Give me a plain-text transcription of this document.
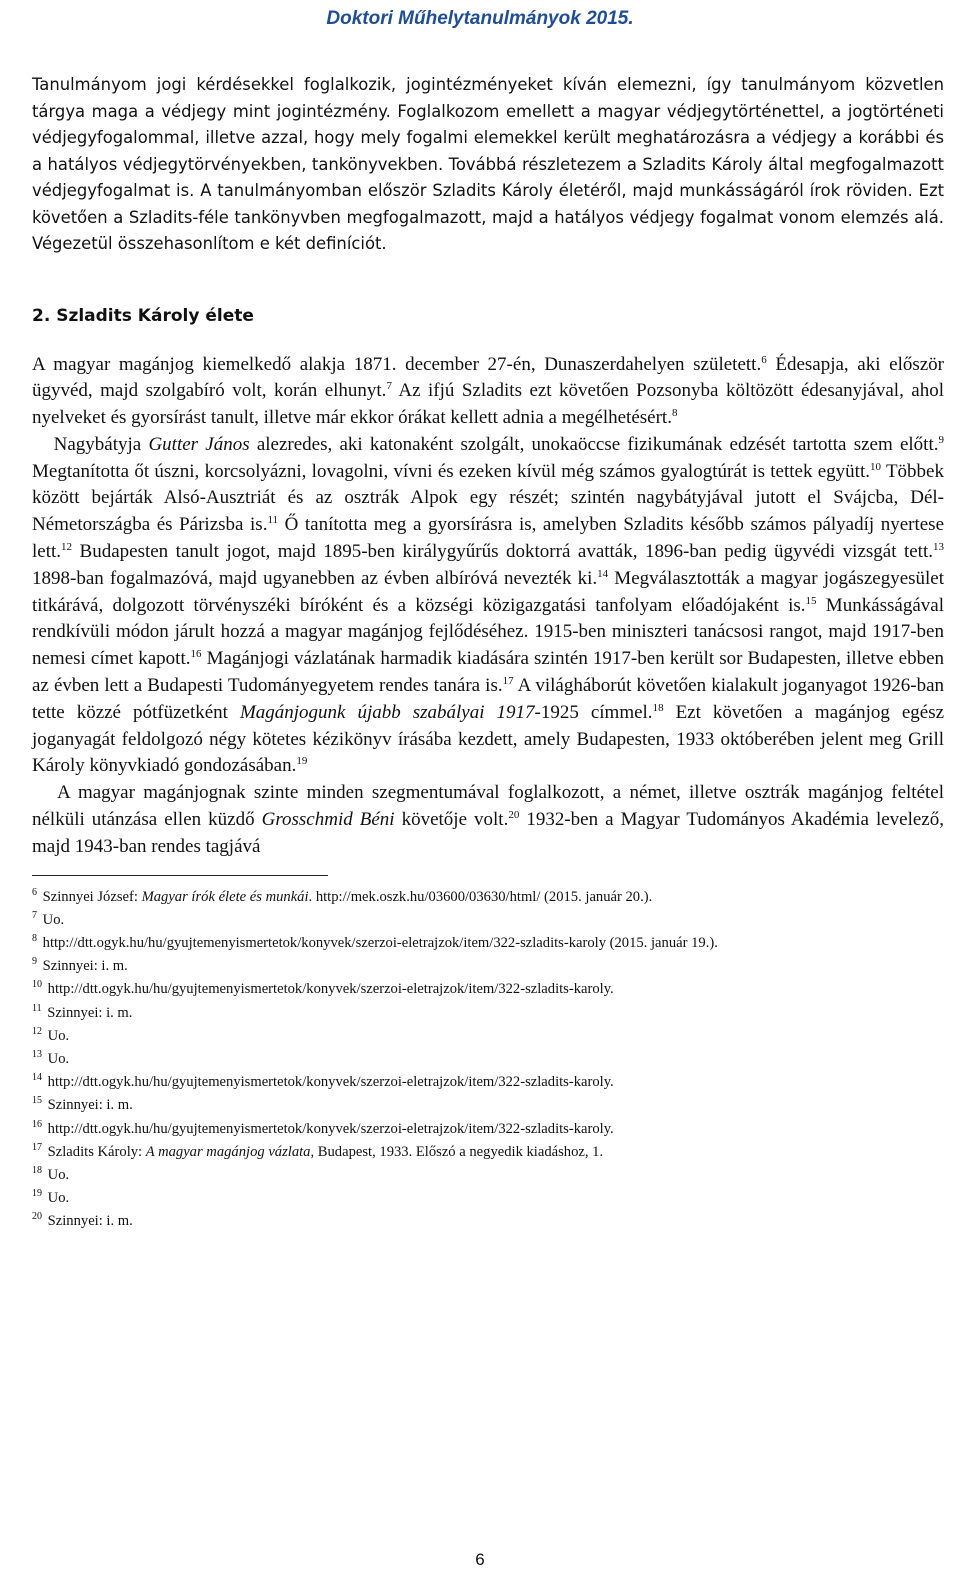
Doktori Műhelytanulmányok 2015.

Tanulmányom jogi kérdésekkel foglalkozik, jogintézményeket kíván elemezni, így tanulmányom közvetlen tárgya maga a védjegy mint jogintézmény. Foglalkozom emellett a magyar védjegytörténettel, a jogtörténeti védjegyfogalommal, illetve azzal, hogy mely fogalmi elemekkel került meghatározásra a védjegy a korábbi és a hatályos védjegytörvényekben, tankönyvekben. Továbbá részletezem a Szladits Károly által megfogalmazott védjegyfogalmat is. A tanulmányomban először Szladits Károly életéről, majd munkásságáról írok röviden. Ezt követően a Szladits-féle tankönyvben megfogalmazott, majd a hatályos védjegy fogalmat vonom elemzés alá. Végezetül összehasonlítom e két definíciót.

2. Szladits Károly élete

A magyar magánjog kiemelkedő alakja 1871. december 27-én, Dunaszerdahelyen született.$^6$ Édesapja, aki először ügyvéd, majd szolgabíró volt, korán elhunyt.$^7$ Az ifjú Szladits ezt követően Pozsonyba költözött édesanyjával, ahol nyelveket és gyorsírást tanult, illetve már ekkor órákat kellett adnia a megélhetésért.$^8$

Nagybátyja Gutter János alezredes, aki katonaként szolgált, unokaöccse fizikumának edzését tartotta szem előtt.$^9$ Megtanította őt úszni, korcsolyázni, lovagolni, vívni és ezeken kívül még számos gyalogtúrát is tettek együtt.$^{10}$ Többek között bejárták Alsó-Ausztriát és az osztrák Alpok egy részét; szintén nagybátyjával jutott el Svájcba, Dél-Németországba és Párizsba is.$^{11}$ Ő tanította meg a gyorsírásra is, amelyben Szladits később számos pályadíj nyertese lett.$^{12}$ Budapesten tanult jogot, majd 1895-ben királygyűrűs doktorrá avatták, 1896-ban pedig ügyvédi vizsgát tett.$^{13}$ 1898-ban fogalmazóvá, majd ugyanebben az évben albíróvá nevezték ki.$^{14}$ Megválasztották a magyar jogászegyesület titkárává, dolgozott törvényszéki bíróként és a községi közigazgatási tanfolyam előadójaként is.$^{15}$ Munkásságával rendkívüli módon járult hozzá a magyar magánjog fejlődéséhez. 1915-ben miniszteri tanácsosi rangot, majd 1917-ben nemesi címet kapott.$^{16}$ Magánjogi vázlatának harmadik kiadására szintén 1917-ben került sor Budapesten, illetve ebben az évben lett a Budapesti Tudományegyetem rendes tanára is.$^{17}$ A világháborút követően kialakult joganyagot 1926-ban tette közzé pótfüzetként Magánjogunk újabb szabályai 1917-1925 címmel.$^{18}$ Ezt követően a magánjog egész joganyagát feldolgozó négy kötetes kézikönyv írásába kezdett, amely Budapesten, 1933 októberében jelent meg Grill Károly könyvkiadó gondozásában.$^{19}$

A magyar magánjognak szinte minden szegmentumával foglalkozott, a német, illetve osztrák magánjog feltétel nélküli utánzása ellen küzdő Grosschmid Béni követője volt.$^{20}$ 1932-ben a Magyar Tudományos Akadémia levelező, majd 1943-ban rendes tagjává

$^6$ Szinnyei József: Magyar írók élete és munkái. http://mek.oszk.hu/03600/03630/html/ (2015. január 20.).
$^7$ Uo.
$^8$ http://dtt.ogyk.hu/hu/gyujtemenyismertetok/konyvek/szerzoi-eletrajzok/item/322-szladits-karoly (2015. január 19.).
$^9$ Szinnyei: i. m.
$^{10}$ http://dtt.ogyk.hu/hu/gyujtemenyismertetok/konyvek/szerzoi-eletrajzok/item/322-szladits-karoly.
$^{11}$ Szinnyei: i. m.
$^{12}$ Uo.
$^{13}$ Uo.
$^{14}$ http://dtt.ogyk.hu/hu/gyujtemenyismertetok/konyvek/szerzoi-eletrajzok/item/322-szladits-karoly.
$^{15}$ Szinnyei: i. m.
$^{16}$ http://dtt.ogyk.hu/hu/gyujtemenyismertetok/konyvek/szerzoi-eletrajzok/item/322-szladits-karoly.
$^{17}$ Szladits Károly: A magyar magánjog vázlata, Budapest, 1933. Előszó a negyedik kiadáshoz, 1.
$^{18}$ Uo.
$^{19}$ Uo.
$^{20}$ Szinnyei: i. m.
6
